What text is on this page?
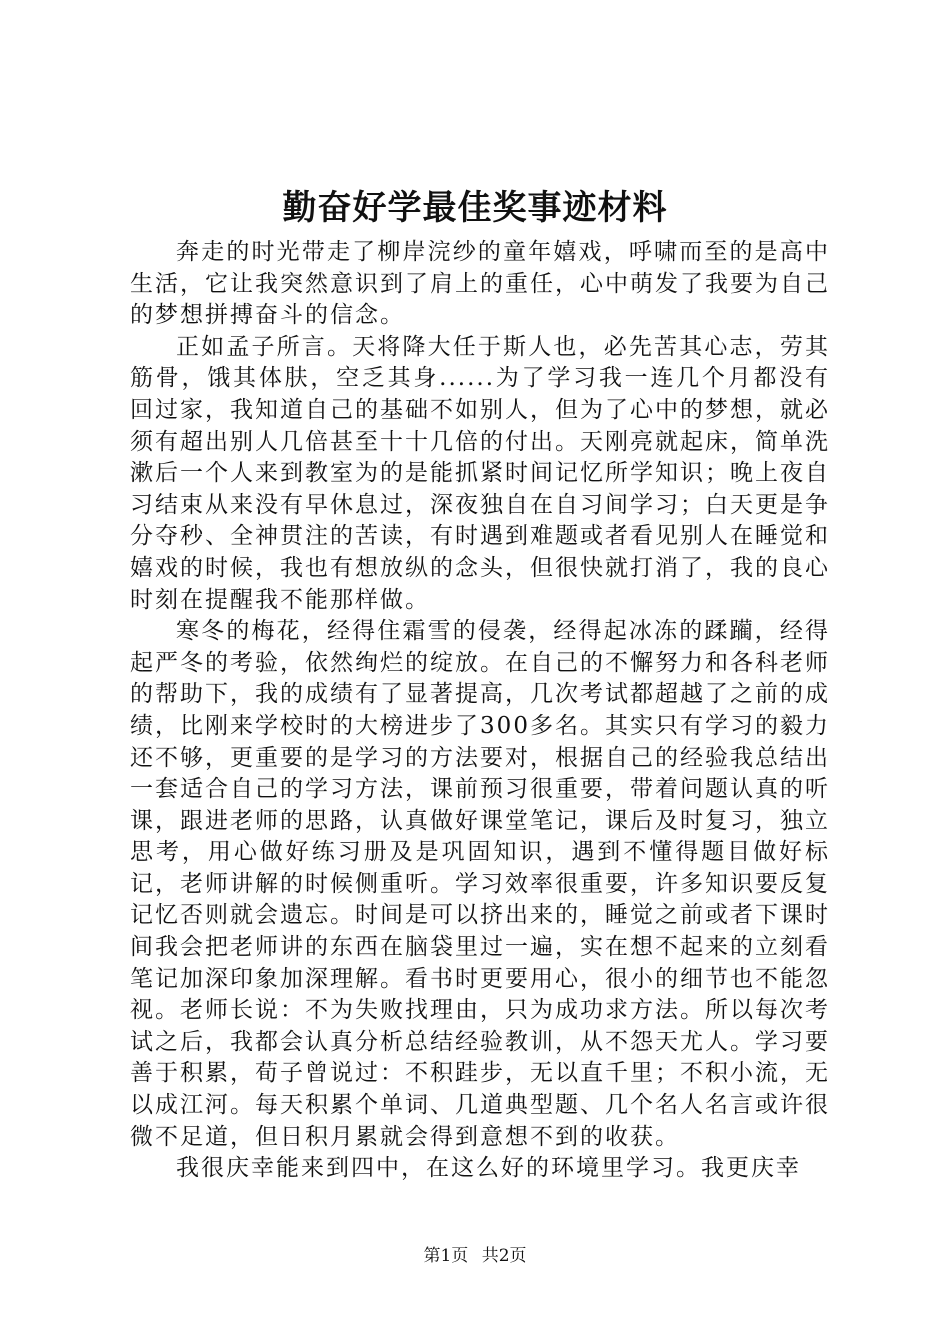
勤奋好学最佳奖事迹材料

奔走的时光带走了柳岸浣纱的童年嬉戏，呼啸而至的是高中生活，它让我突然意识到了肩上的重任，心中萌发了我要为自己的梦想拼搏奋斗的信念。

正如孟子所言。天将降大任于斯人也，必先苦其心志，劳其筋骨，饿其体肤，空乏其身......为了学习我一连几个月都没有回过家，我知道自己的基础不如别人，但为了心中的梦想，就必须有超出别人几倍甚至十十几倍的付出。天刚亮就起床，简单洗漱后一个人来到教室为的是能抓紧时间记忆所学知识；晚上夜自习结束从来没有早休息过，深夜独自在自习间学习；白天更是争分夺秒、全神贯注的苦读，有时遇到难题或者看见别人在睡觉和嬉戏的时候，我也有想放纵的念头，但很快就打消了，我的良心时刻在提醒我不能那样做。

寒冬的梅花，经得住霜雪的侵袭，经得起冰冻的蹂躏，经得起严冬的考验，依然绚烂的绽放。在自己的不懈努力和各科老师的帮助下，我的成绩有了显著提高，几次考试都超越了之前的成绩，比刚来学校时的大榜进步了300多名。其实只有学习的毅力还不够，更重要的是学习的方法要对，根据自己的经验我总结出一套适合自己的学习方法，课前预习很重要，带着问题认真的听课，跟进老师的思路，认真做好课堂笔记，课后及时复习，独立思考，用心做好练习册及是巩固知识，遇到不懂得题目做好标记，老师讲解的时候侧重听。学习效率很重要，许多知识要反复记忆否则就会遗忘。时间是可以挤出来的，睡觉之前或者下课时间我会把老师讲的东西在脑袋里过一遍，实在想不起来的立刻看笔记加深印象加深理解。看书时更要用心，很小的细节也不能忽视。老师长说：不为失败找理由，只为成功求方法。所以每次考试之后，我都会认真分析总结经验教训，从不怨天尤人。学习要善于积累，荀子曾说过：不积跬步，无以直千里；不积小流，无以成江河。每天积累个单词、几道典型题、几个名人名言或许很微不足道，但日积月累就会得到意想不到的收获。

我很庆幸能来到四中，在这么好的环境里学习。我更庆幸

第1页 共2页
